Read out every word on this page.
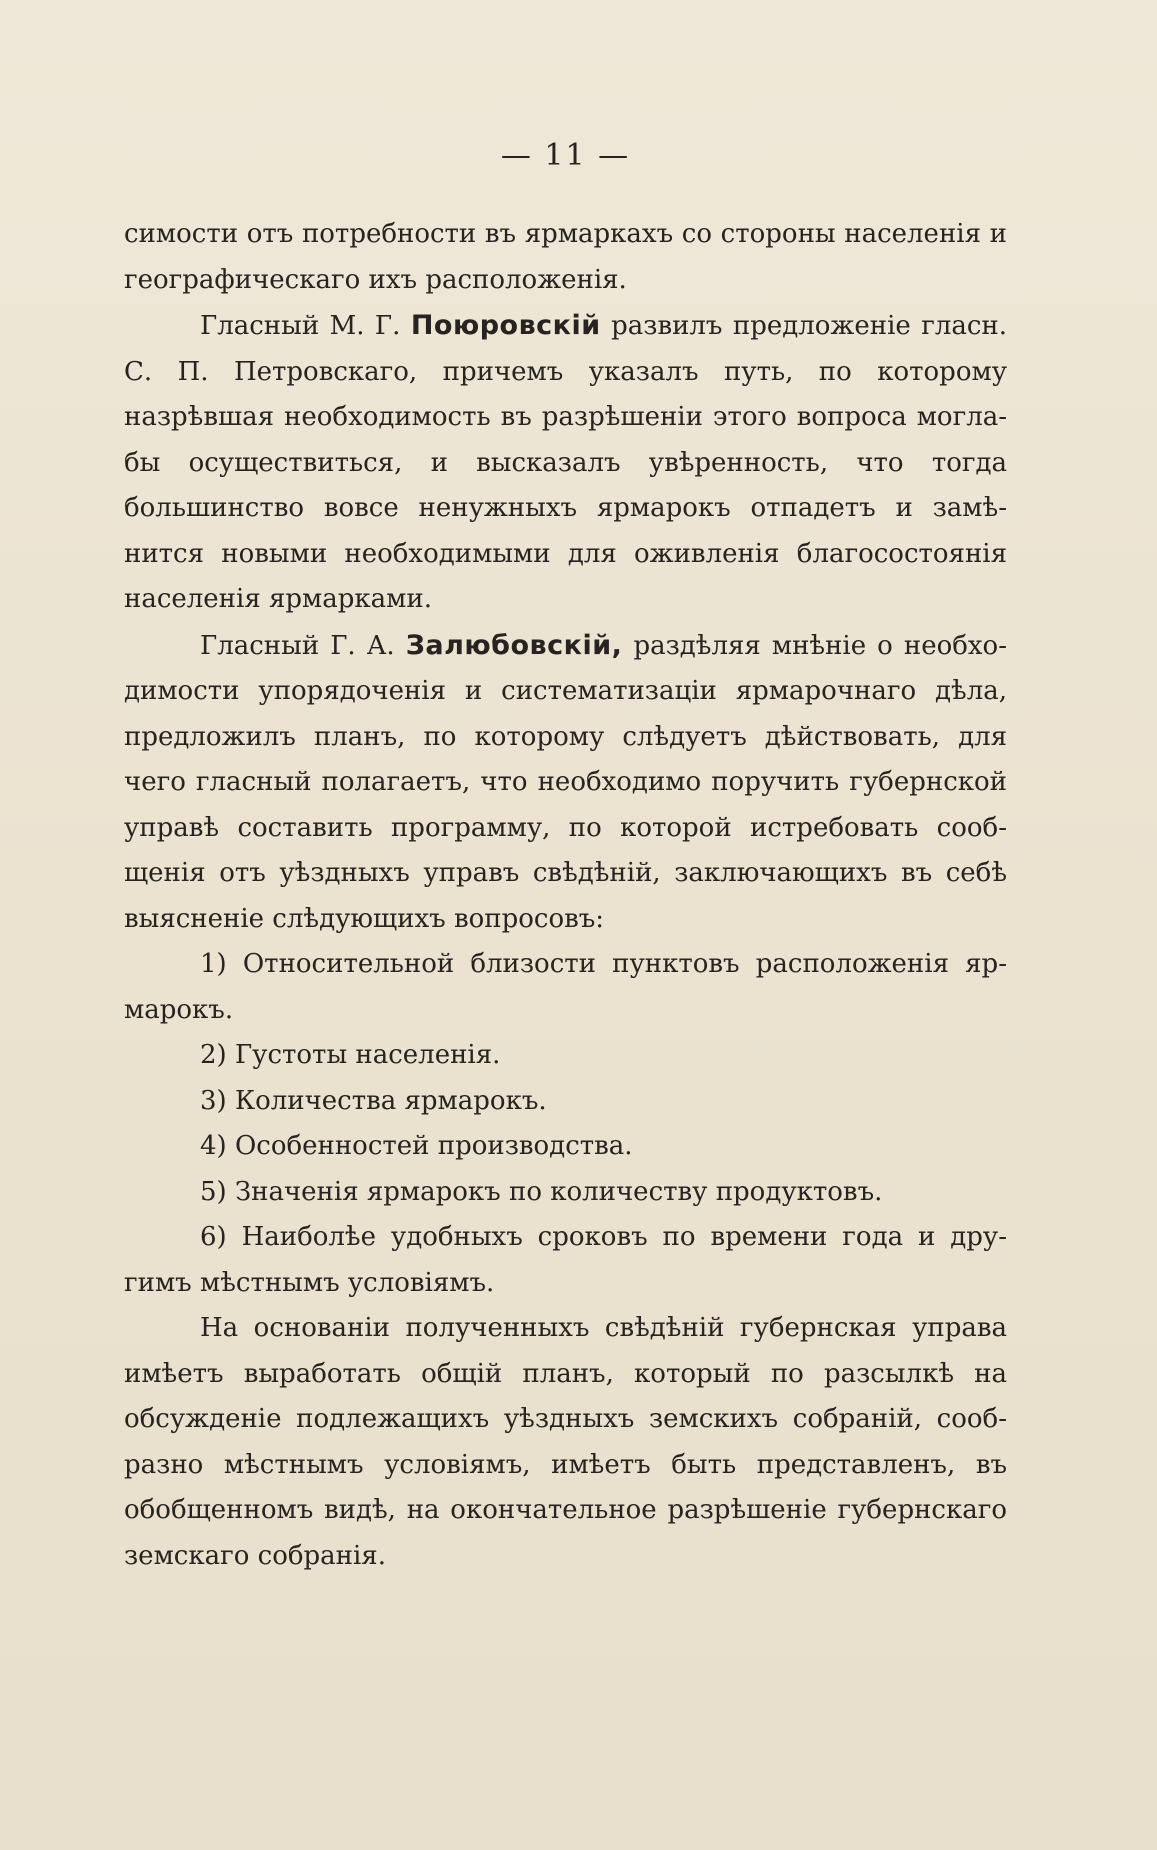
— 11 —

симости отъ потребности въ ярмаркахъ со стороны населенія и географическаго ихъ расположенія.

Гласный М. Г. Поюровскій развилъ предложеніе гласн. С. П. Петровскаго, причемъ указалъ путь, по которому назрѣвшая необходимость въ разрѣшеніи этого вопроса могла-бы осуществиться, и высказалъ увѣренность, что тогда большинство вовсе ненужныхъ ярмарокъ отпадетъ и замѣнится новыми необходимыми для оживленія благосостоянія населенія ярмарками.

Гласный Г. А. Залюбовскій, раздѣляя мнѣніе о необходимости упорядоченія и систематизаціи ярмарочнаго дѣла, предложилъ планъ, по которому слѣдуетъ дѣйствовать, для чего гласный полагаетъ, что необходимо поручить губернской управѣ составить программу, по которой истребовать сообщенія отъ уѣздныхъ управъ свѣдѣній, заключающихъ въ себѣ выясненіе слѣдующихъ вопросовъ:

1) Относительной близости пунктовъ расположенія ярмарокъ.

2) Густоты населенія.

3) Количества ярмарокъ.

4) Особенностей производства.

5) Значенія ярмарокъ по количеству продуктовъ.

6) Наиболѣе удобныхъ сроковъ по времени года и другимъ мѣстнымъ условіямъ.

На основаніи полученныхъ свѣдѣній губернская управа имѣетъ выработать общій планъ, который по разсылкѣ на обсужденіе подлежащихъ уѣздныхъ земскихъ собраній, сообразно мѣстнымъ условіямъ, имѣетъ быть представленъ, въ обобщенномъ видѣ, на окончательное разрѣшеніе губернскаго земскаго собранія.
